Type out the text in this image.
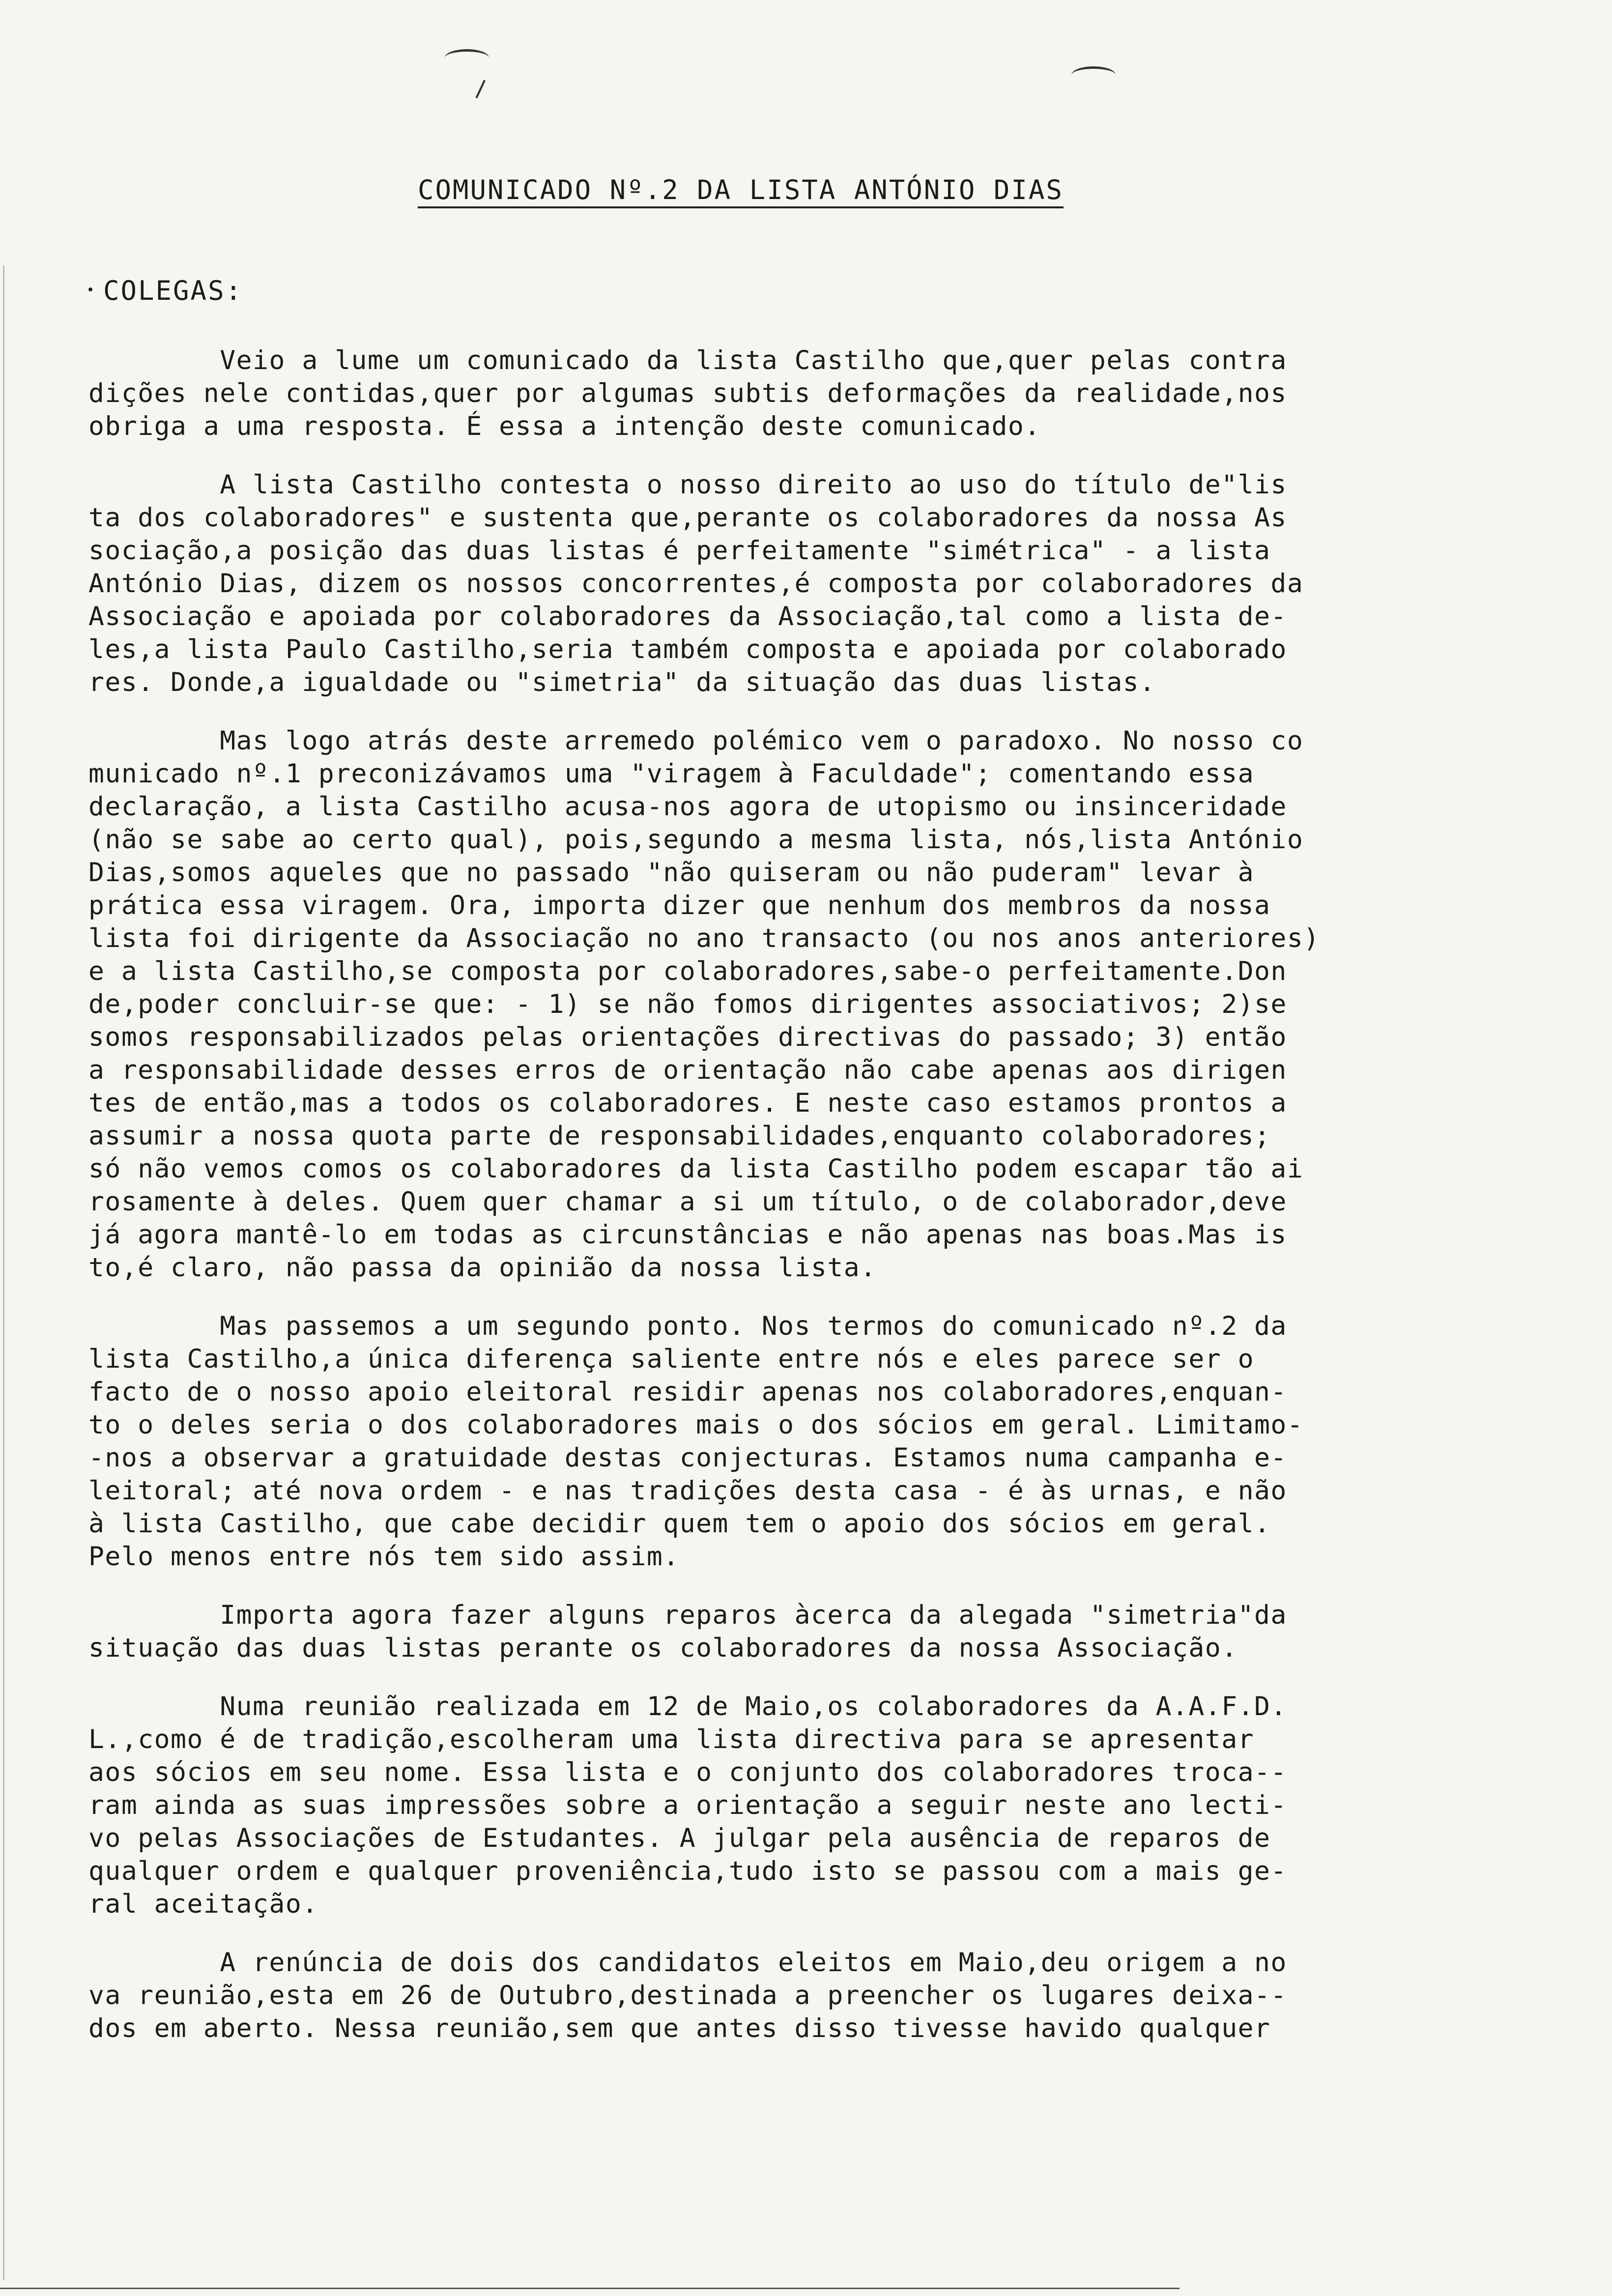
COMUNICADO Nº.2 DA LISTA ANTÓNIO DIAS
COLEGAS:
Veio a lume um comunicado da lista Castilho que,quer pelas contra
dições nele contidas,quer por algumas subtis deformações da realidade,nos
obriga a uma resposta. É essa a intenção deste comunicado.
A lista Castilho contesta o nosso direito ao uso do título de"lis
ta dos colaboradores" e sustenta que,perante os colaboradores da nossa As
sociação,a posição das duas listas é perfeitamente "simétrica" - a lista
António Dias, dizem os nossos concorrentes,é composta por colaboradores da
Associação e apoiada por colaboradores da Associação,tal como a lista de-
les,a lista Paulo Castilho,seria também composta e apoiada por colaborado
res. Donde,a igualdade ou "simetria" da situação das duas listas.
Mas logo atrás deste arremedo polémico vem o paradoxo. No nosso co
municado nº.1 preconizávamos uma "viragem à Faculdade"; comentando essa
declaração, a lista Castilho acusa-nos agora de utopismo ou insinceridade
(não se sabe ao certo qual), pois,segundo a mesma lista, nós,lista António
Dias,somos aqueles que no passado "não quiseram ou não puderam" levar à
prática essa viragem. Ora, importa dizer que nenhum dos membros da nossa
lista foi dirigente da Associação no ano transacto (ou nos anos anteriores)
e a lista Castilho,se composta por colaboradores,sabe-o perfeitamente.Don
de,poder concluir-se que: - 1) se não fomos dirigentes associativos; 2)se
somos responsabilizados pelas orientações directivas do passado; 3) então
a responsabilidade desses erros de orientação não cabe apenas aos dirigen
tes de então,mas a todos os colaboradores. E neste caso estamos prontos a
assumir a nossa quota parte de responsabilidades,enquanto colaboradores;
só não vemos comos os colaboradores da lista Castilho podem escapar tão ai
rosamente à deles. Quem quer chamar a si um título, o de colaborador,deve
já agora mantê-lo em todas as circunstâncias e não apenas nas boas.Mas is
to,é claro, não passa da opinião da nossa lista.
Mas passemos a um segundo ponto. Nos termos do comunicado nº.2 da
lista Castilho,a única diferença saliente entre nós e eles parece ser o
facto de o nosso apoio eleitoral residir apenas nos colaboradores,enquan-
to o deles seria o dos colaboradores mais o dos sócios em geral. Limitamo-
-nos a observar a gratuidade destas conjecturas. Estamos numa campanha e-
leitoral; até nova ordem - e nas tradições desta casa - é às urnas, e não
à lista Castilho, que cabe decidir quem tem o apoio dos sócios em geral.
Pelo menos entre nós tem sido assim.
Importa agora fazer alguns reparos àcerca da alegada "simetria"da
situação das duas listas perante os colaboradores da nossa Associação.
Numa reunião realizada em 12 de Maio,os colaboradores da A.A.F.D.
L.,como é de tradição,escolheram uma lista directiva para se apresentar
aos sócios em seu nome. Essa lista e o conjunto dos colaboradores troca--
ram ainda as suas impressões sobre a orientação a seguir neste ano lecti-
vo pelas Associações de Estudantes. A julgar pela ausência de reparos de
qualquer ordem e qualquer proveniência,tudo isto se passou com a mais ge-
ral aceitação.
A renúncia de dois dos candidatos eleitos em Maio,deu origem a no
va reunião,esta em 26 de Outubro,destinada a preencher os lugares deixa--
dos em aberto. Nessa reunião,sem que antes disso tivesse havido qualquer
